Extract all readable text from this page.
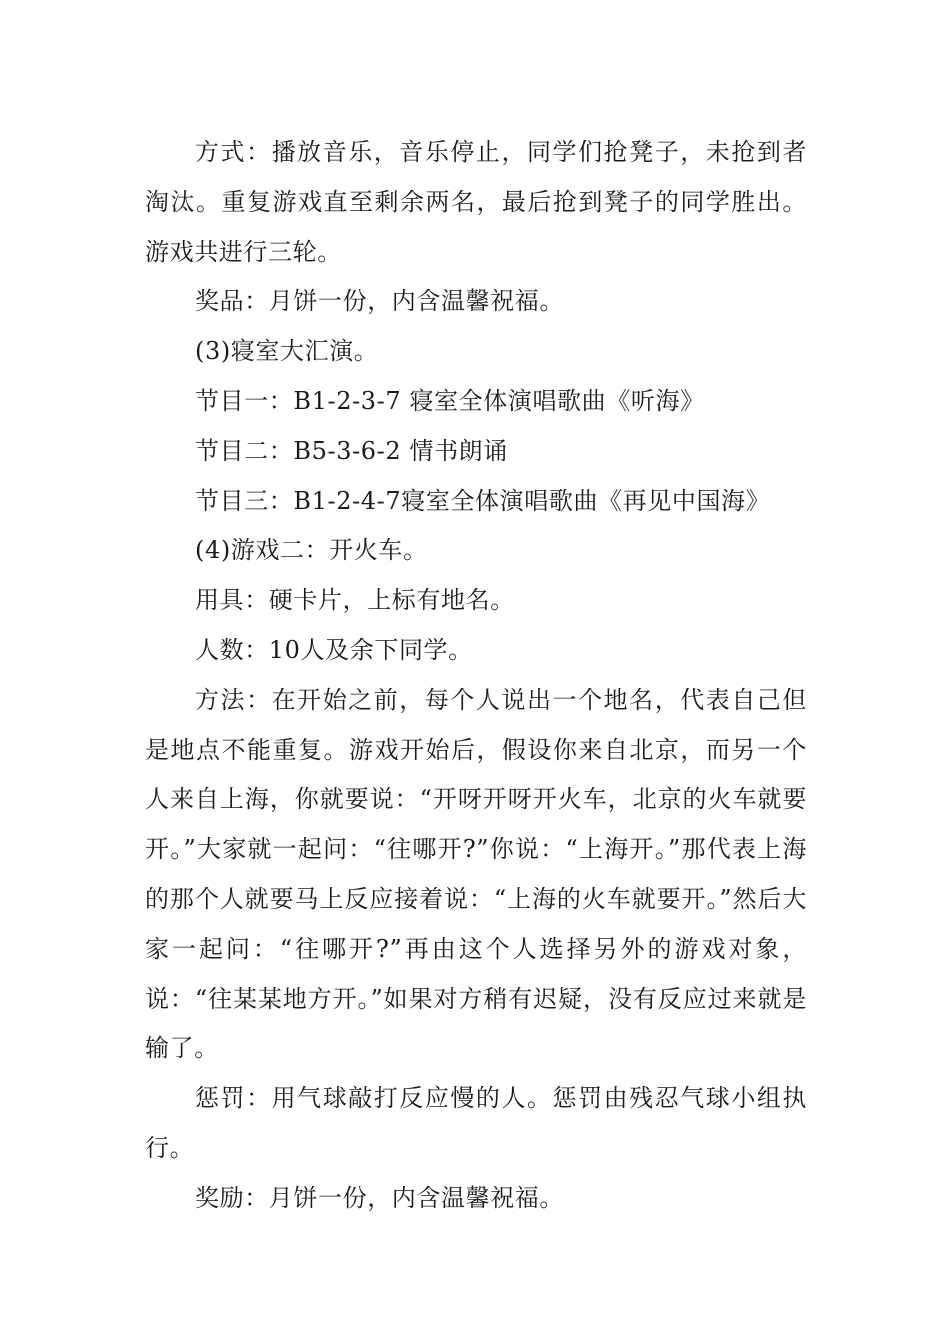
方式：播放音乐，音乐停止，同学们抢凳子，未抢到者淘汰。重复游戏直至剩余两名，最后抢到凳子的同学胜出。游戏共进行三轮。

奖品：月饼一份，内含温馨祝福。

(3)寝室大汇演。

节目一：B1-2-3-7 寝室全体演唱歌曲《听海》

节目二：B5-3-6-2 情书朗诵

节目三：B1-2-4-7寝室全体演唱歌曲《再见中国海》

(4)游戏二：开火车。

用具：硬卡片，上标有地名。

人数：10人及余下同学。

方法：在开始之前，每个人说出一个地名，代表自己但是地点不能重复。游戏开始后，假设你来自北京，而另一个人来自上海，你就要说：“开呀开呀开火车，北京的火车就要开。”大家就一起问：“往哪开?”你说：“上海开。”那代表上海的那个人就要马上反应接着说：“上海的火车就要开。”然后大家一起问：“往哪开?”再由这个人选择另外的游戏对象，说：“往某某地方开。”如果对方稍有迟疑，没有反应过来就是输了。

惩罚：用气球敲打反应慢的人。惩罚由残忍气球小组执行。

奖励：月饼一份，内含温馨祝福。
